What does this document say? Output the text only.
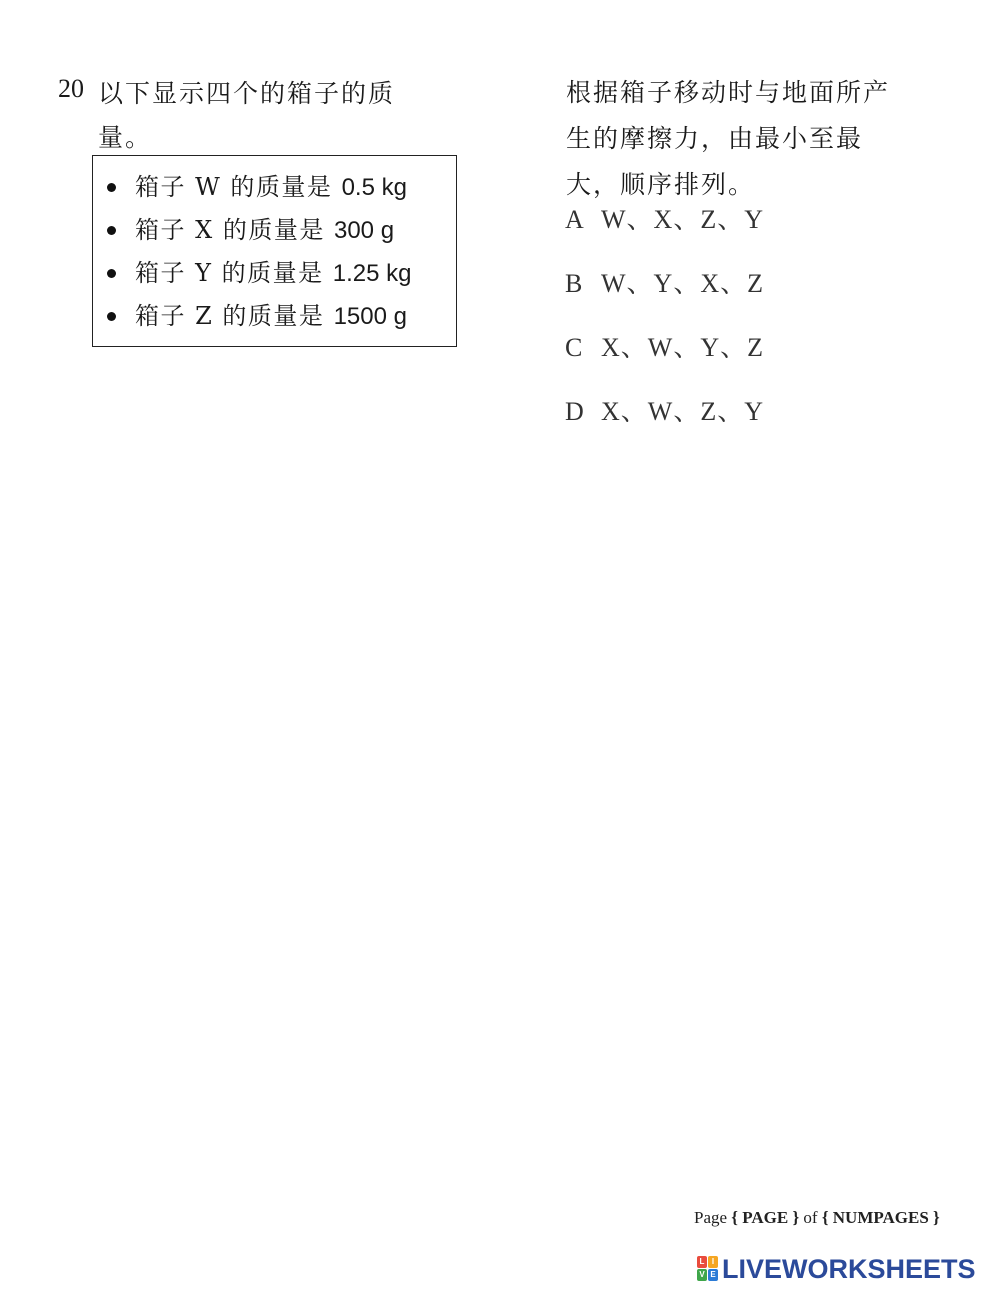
20 以下显示四个的箱子的质
量。
箱子 W 的质量是 0.5 kg
箱子 X 的质量是 300 g
箱子 Y 的质量是 1.25 kg
箱子 Z 的质量是 1500 g
根据箱子移动时与地面所产
生的摩擦力，由最小至最
大，顺序排列。
A W、X、Z、Y
B W、Y、X、Z
C X、W、Y、Z
D X、W、Z、Y
Page { PAGE } of { NUMPAGES }
L I
V E LIVEWORKSHEETS
